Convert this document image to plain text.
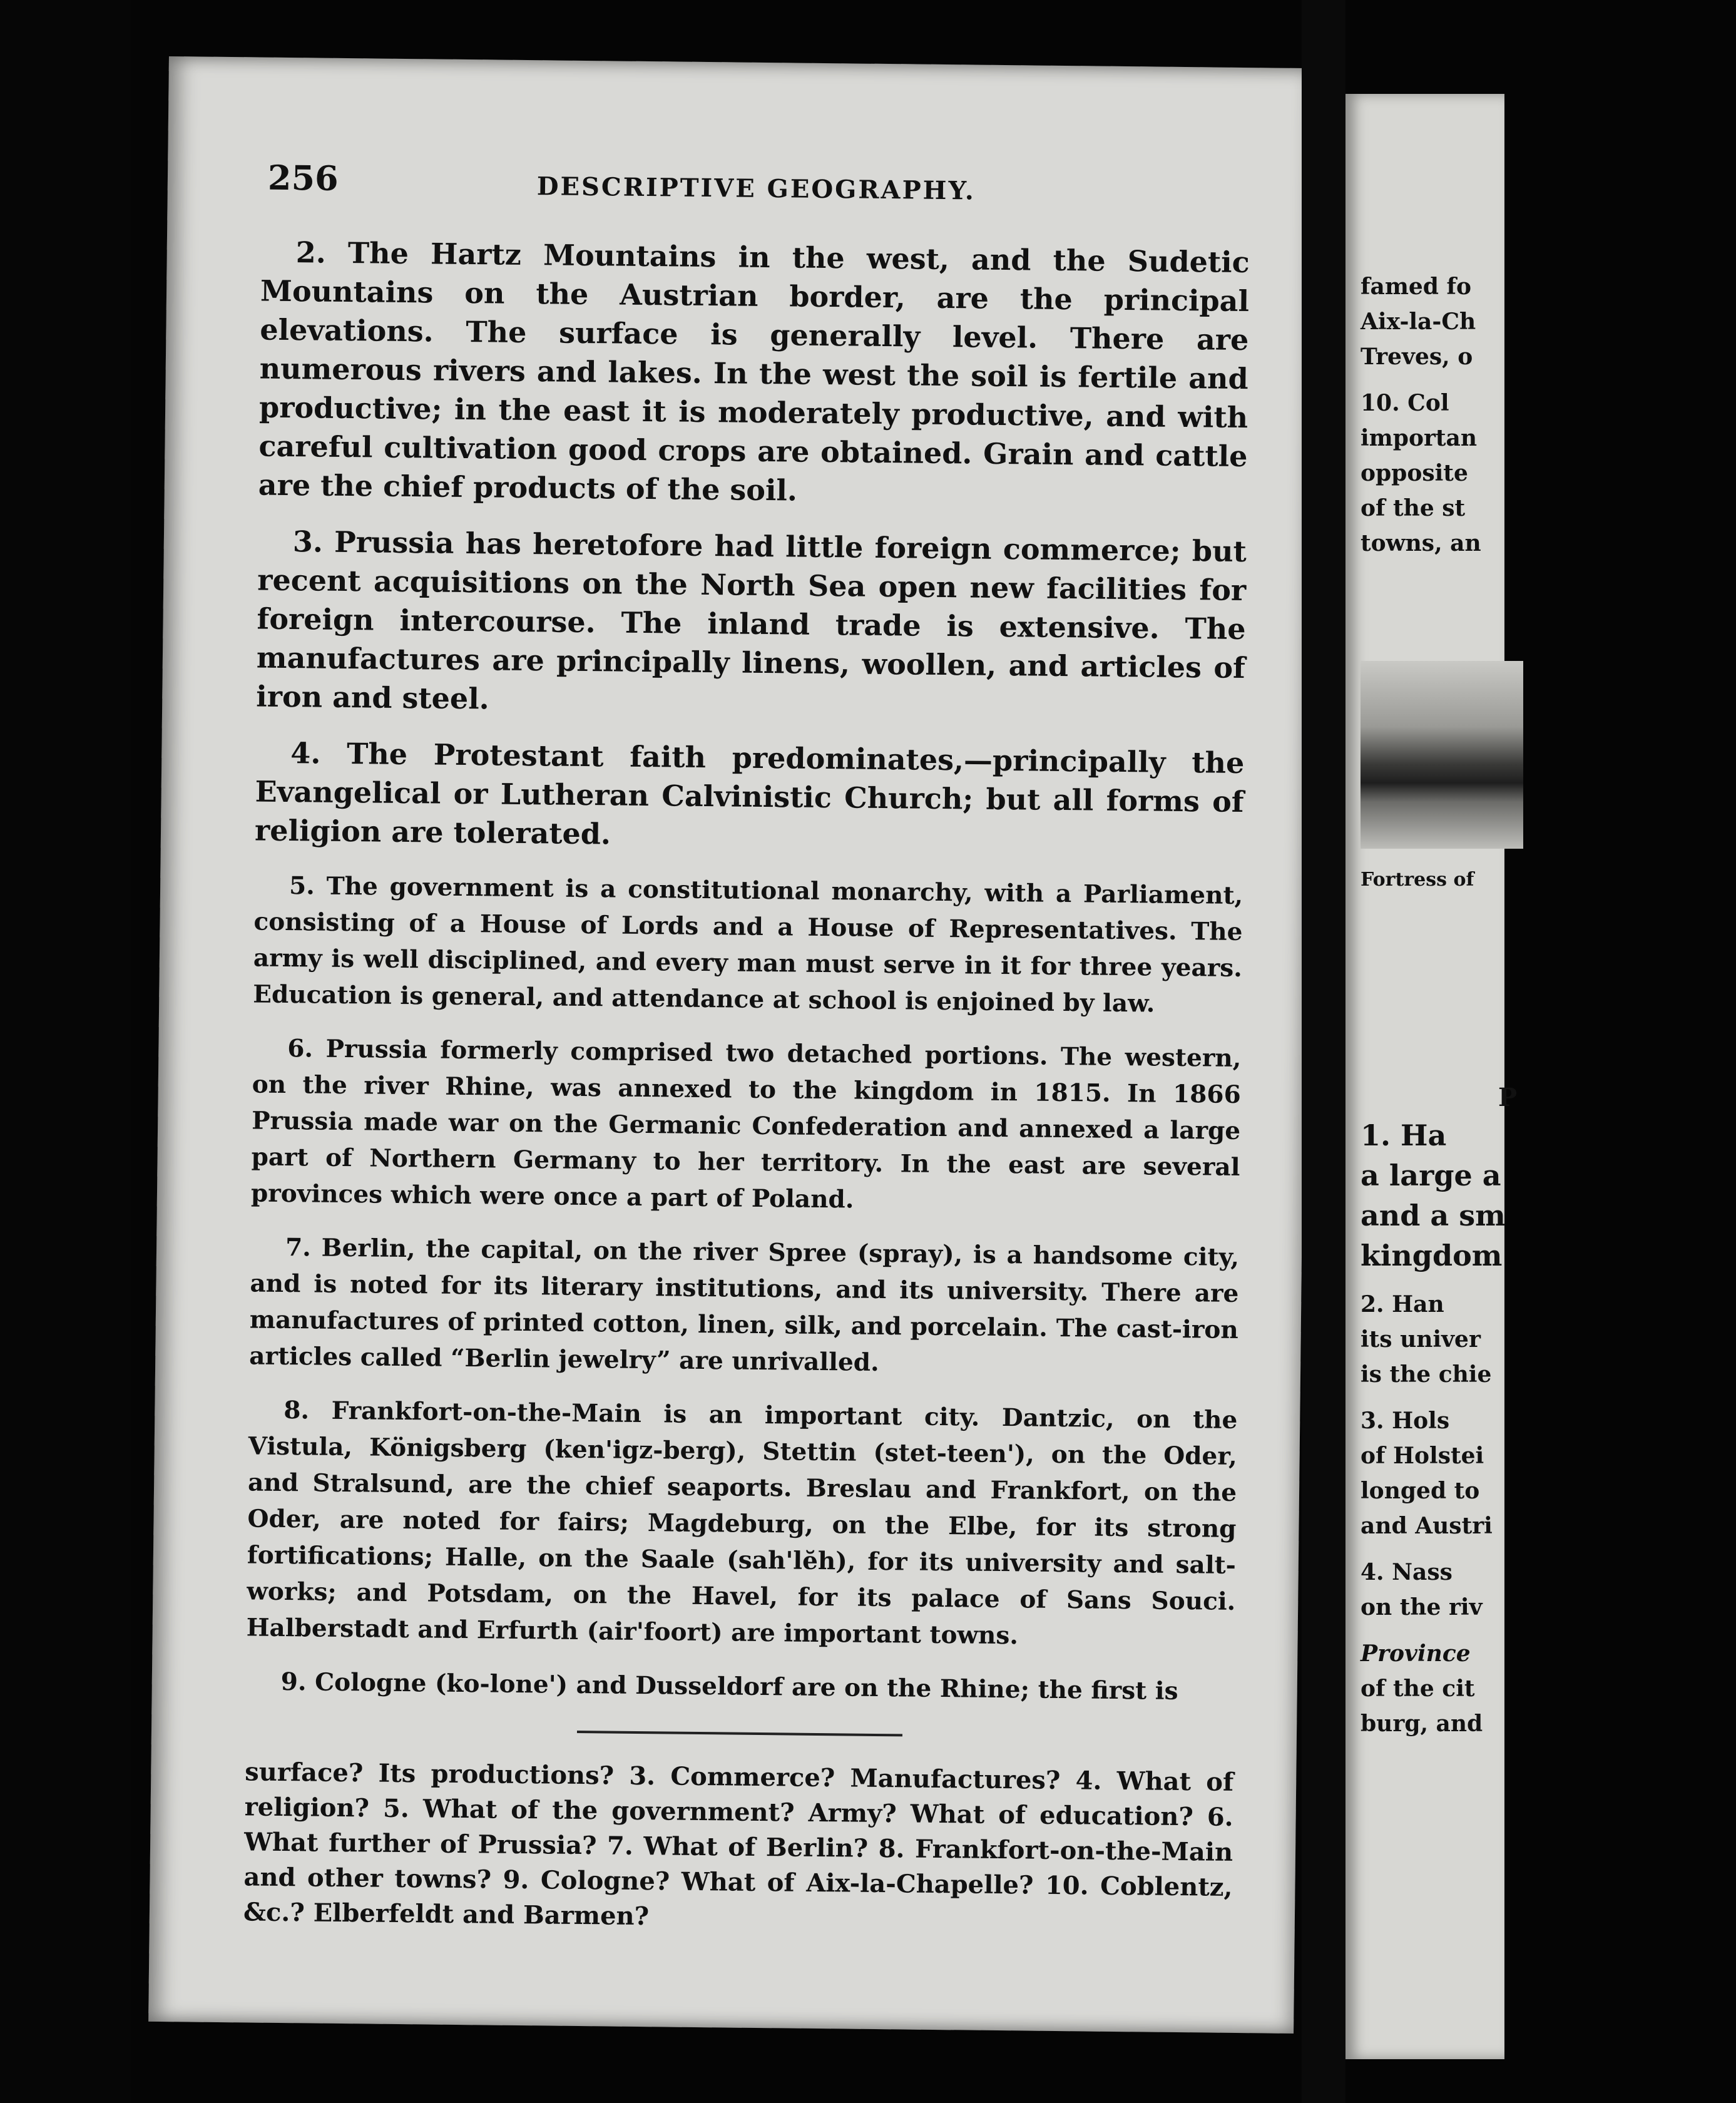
256	DESCRIPTIVE GEOGRAPHY.

2. The Hartz Mountains in the west, and the Sudetic Mountains on the Austrian border, are the principal elevations. The surface is generally level. There are numerous rivers and lakes. In the west the soil is fertile and productive; in the east it is moderately productive, and with careful cultivation good crops are obtained. Grain and cattle are the chief products of the soil.

3. Prussia has heretofore had little foreign commerce; but recent acquisitions on the North Sea open new facilities for foreign intercourse. The inland trade is extensive. The manufactures are principally linens, woollen, and articles of iron and steel.

4. The Protestant faith predominates,—principally the Evangelical or Lutheran Calvinistic Church; but all forms of religion are tolerated.

5. The government is a constitutional monarchy, with a Parliament, consisting of a House of Lords and a House of Representatives. The army is well disciplined, and every man must serve in it for three years. Education is general, and attendance at school is enjoined by law.

6. Prussia formerly comprised two detached portions. The western, on the river Rhine, was annexed to the kingdom in 1815. In 1866 Prussia made war on the Germanic Confederation and annexed a large part of Northern Germany to her territory. In the east are several provinces which were once a part of Poland.

7. Berlin, the capital, on the river Spree (spray), is a handsome city, and is noted for its literary institutions, and its university. There are manufactures of printed cotton, linen, silk, and porcelain. The cast-iron articles called “Berlin jewelry” are unrivalled.

8. Frankfort-on-the-Main is an important city. Dantzic, on the Vistula, Königsberg (ken'igz-berg), Stettin (stet-teen'), on the Oder, and Stralsund, are the chief seaports. Breslau and Frankfort, on the Oder, are noted for fairs; Magdeburg, on the Elbe, for its strong fortifications; Halle, on the Saale (sah'lĕh), for its university and salt-works; and Potsdam, on the Havel, for its palace of Sans Souci. Halberstadt and Erfurth (air'foort) are important towns.

9. Cologne (ko-lone') and Dusseldorf are on the Rhine; the first is

surface? Its productions? 3. Commerce? Manufactures? 4. What of religion? 5. What of the government? Army? What of education? 6. What further of Prussia? 7. What of Berlin? 8. Frankfort-on-the-Main and other towns? 9. Cologne? What of Aix-la-Chapelle? 10. Coblentz, &c.? Elberfeldt and Barmen?

famed fo
Aix-la-Ch
Treves, o
10. Col
importan
opposite
of the st
towns, an
Fortress of
P
1. Ha
a large a
and a sm
kingdom
2. Han
its univer
is the chie
3. Hols
of Holstei
longed to
and Austri
4. Nass
on the riv
Province
of the cit
burg, and
